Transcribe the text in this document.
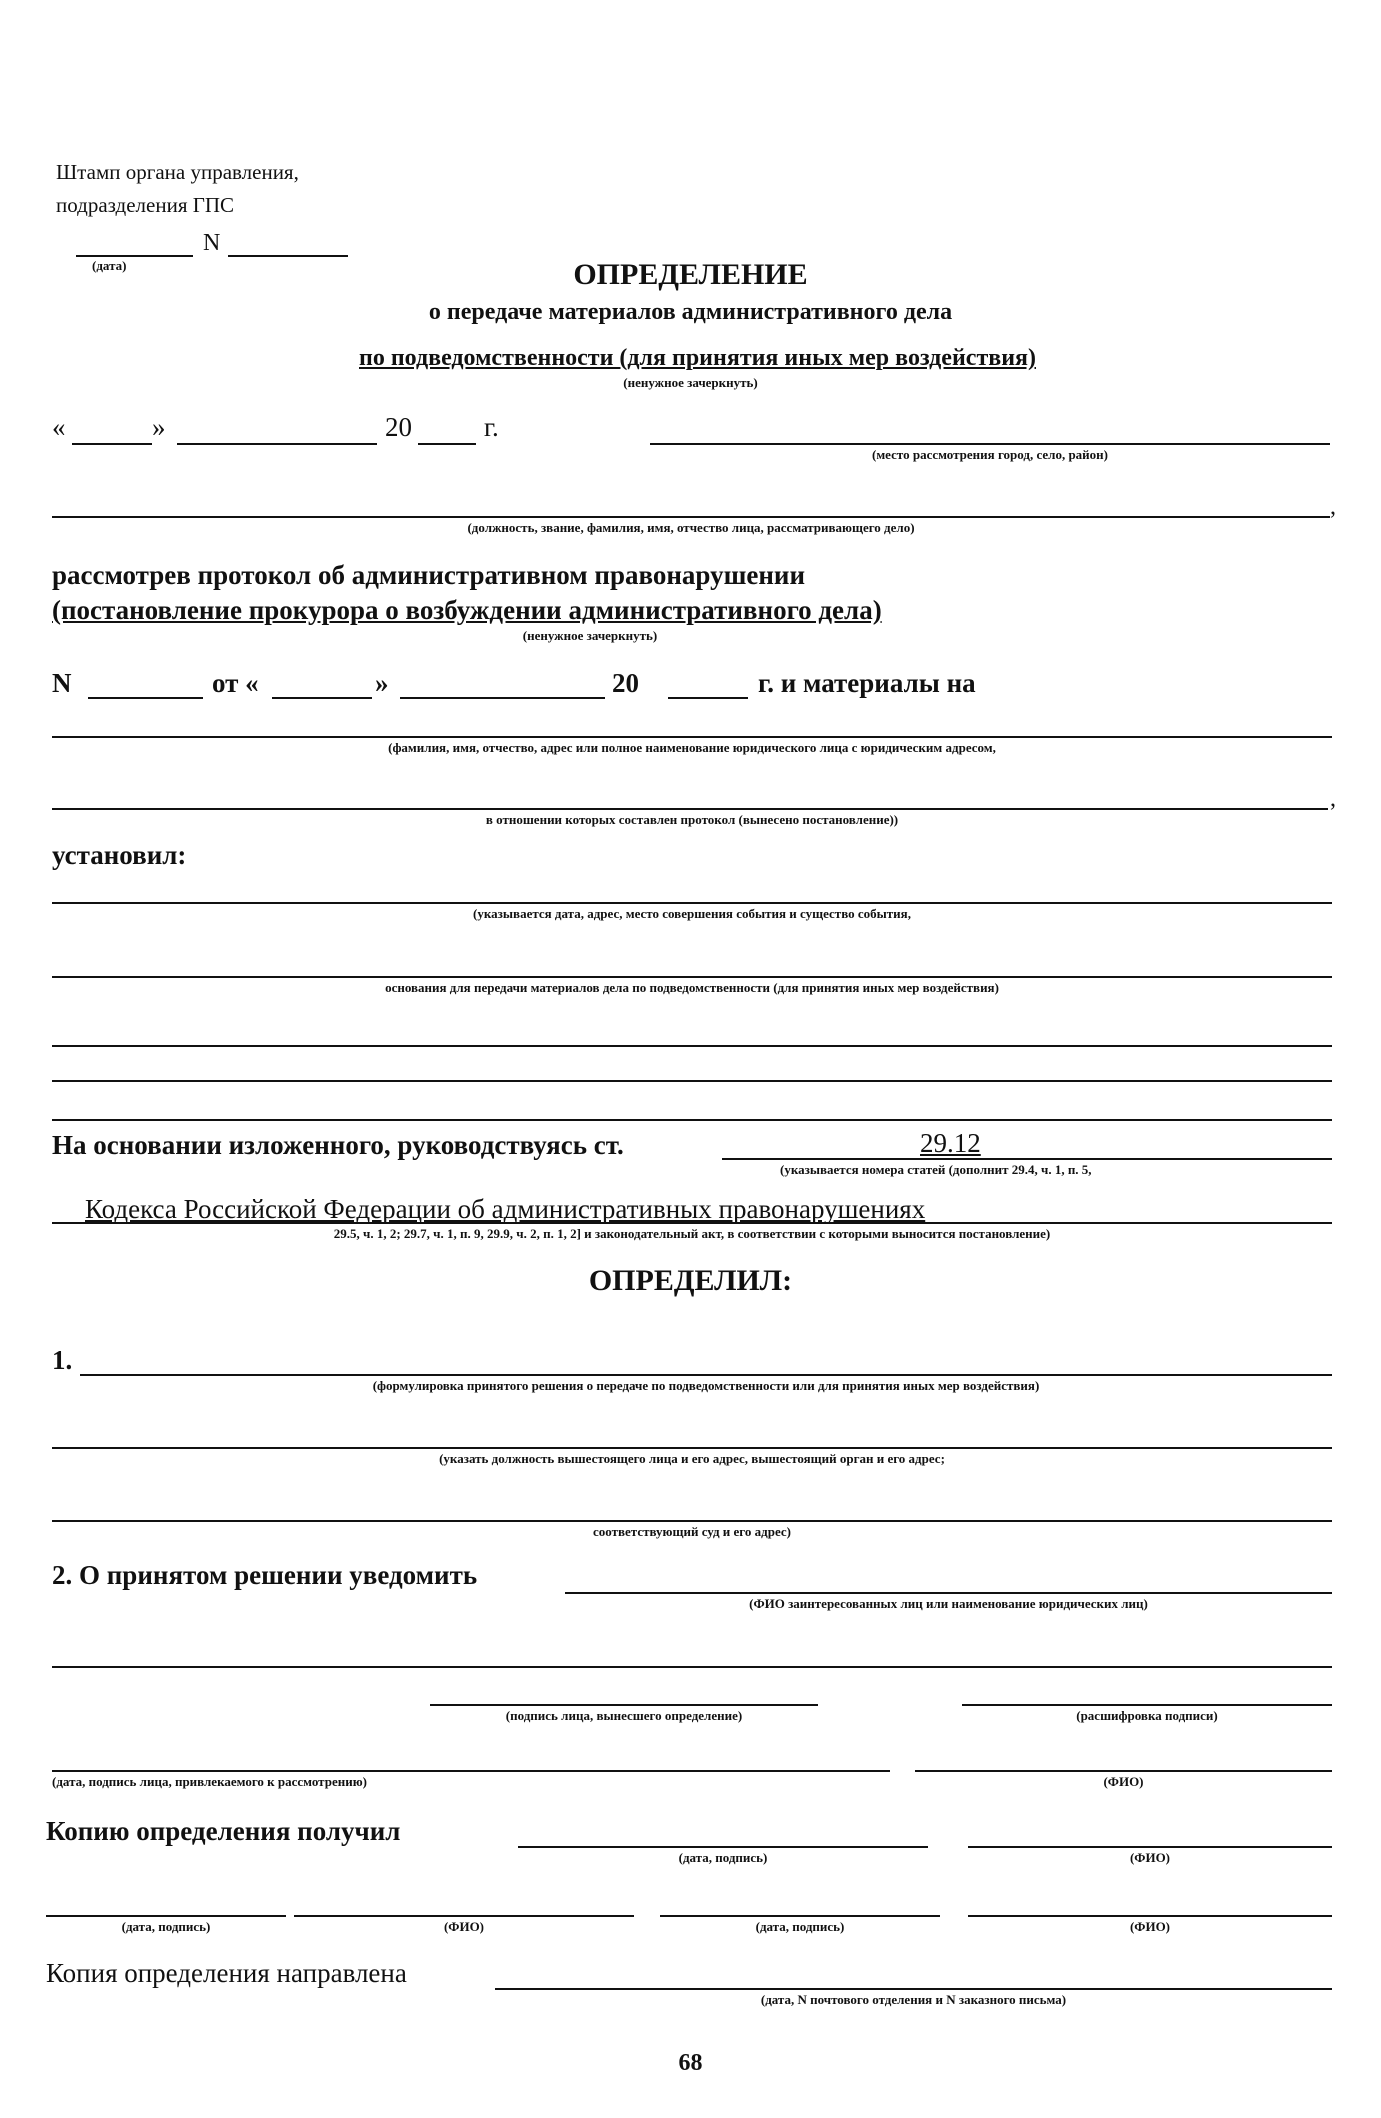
Штамп органа управления,
подразделения ГПС
N
(дата)	ОПРЕДЕЛЕНИЕ
о передаче материалов административного дела
по подведомственности (для принятия иных мер воздействия)
(ненужное зачеркнуть)
«	»	20	г.
(место рассмотрения город, село, район)
,
(должность, звание, фамилия, имя, отчество лица, рассматривающего дело)
рассмотрев протокол об административном правонарушении
(постановление прокурора о возбуждении административного дела)
(ненужное зачеркнуть)
N	от «	»	20	г. и материалы на
(фамилия, имя, отчество, адрес или полное наименование юридического лица с юридическим адресом,
,
в отношении которых составлен протокол (вынесено постановление))
установил:
(указывается дата, адрес, место совершения события и существо события,
основания для передачи материалов дела по подведомственности (для принятия иных мер воздействия)
На основании изложенного, руководствуясь ст.	29.12
(указывается номера статей (дополнит 29.4, ч. 1, п. 5,
Кодекса Российской Федерации об административных правонарушениях
29.5, ч. 1, 2; 29.7, ч. 1, п. 9, 29.9, ч. 2, п. 1, 2] и законодательный акт, в соответствии с которыми выносится постановление)
ОПРЕДЕЛИЛ:
1.
(формулировка принятого решения о передаче по подведомственности или для принятия иных мер воздействия)
(указать должность вышестоящего лица и его адрес, вышестоящий орган и его адрес;
соответствующий суд и его адрес)
2. О принятом решении уведомить
(ФИО заинтересованных лиц или наименование юридических лиц)
(подпись лица, вынесшего определение)	(расшифровка подписи)
(дата, подпись лица, привлекаемого к рассмотрению)	(ФИО)
Копию определения получил
(дата, подпись)	(ФИО)
(дата, подпись)	(ФИО)	(дата, подпись)	(ФИО)
Копия определения направлена
(дата, N почтового отделения и N заказного письма)
68
